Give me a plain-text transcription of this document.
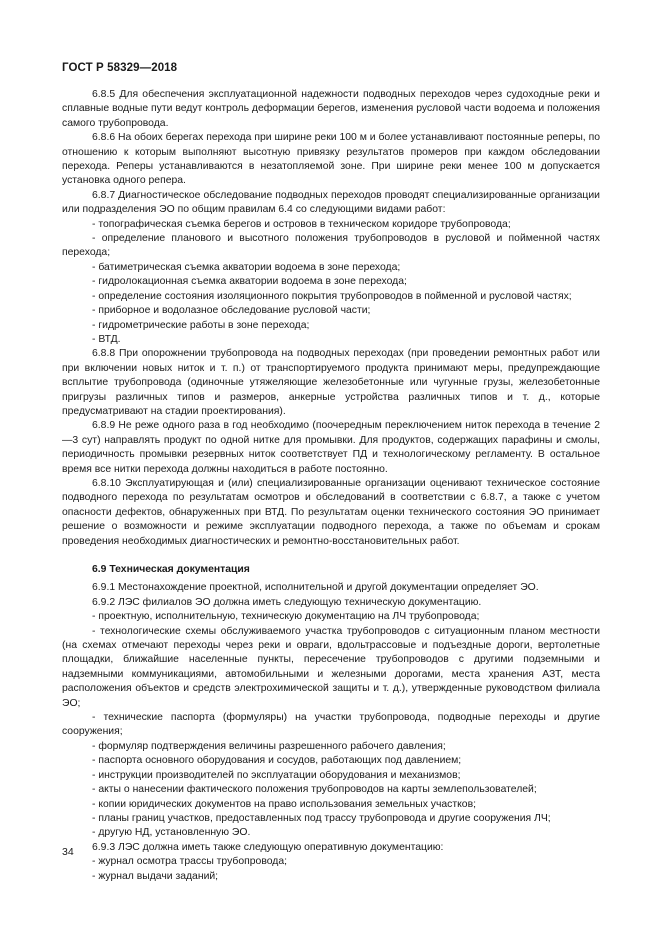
ГОСТ Р 58329—2018

6.8.5 Для обеспечения эксплуатационной надежности подводных переходов через судоходные реки и сплавные водные пути ведут контроль деформации берегов, изменения русловой части водоема и положения самого трубопровода.

6.8.6 На обоих берегах перехода при ширине реки 100 м и более устанавливают постоянные реперы, по отношению к которым выполняют высотную привязку результатов промеров при каждом обследовании перехода. Реперы устанавливаются в незатопляемой зоне. При ширине реки менее 100 м допускается установка одного репера.

6.8.7 Диагностическое обследование подводных переходов проводят специализированные организации или подразделения ЭО по общим правилам 6.4 со следующими видами работ:

- топографическая съемка берегов и островов в техническом коридоре трубопровода;

- определение планового и высотного положения трубопроводов в русловой и пойменной частях перехода;

- батиметрическая съемка акватории водоема в зоне перехода;

- гидролокационная съемка акватории водоема в зоне перехода;

- определение состояния изоляционного покрытия трубопроводов в пойменной и русловой частях;

- приборное и водолазное обследование русловой части;

- гидрометрические работы в зоне перехода;

- ВТД.

6.8.8 При опорожнении трубопровода на подводных переходах (при проведении ремонтных работ или при включении новых ниток и т. п.) от транспортируемого продукта принимают меры, предупреждающие всплытие трубопровода (одиночные утяжеляющие железобетонные или чугунные грузы, железобетонные пригрузы различных типов и размеров, анкерные устройства различных типов и т. д., которые предусматривают на стадии проектирования).

6.8.9 Не реже одного раза в год необходимо (поочередным переключением ниток перехода в течение 2—3 сут) направлять продукт по одной нитке для промывки. Для продуктов, содержащих парафины и смолы, периодичность промывки резервных ниток соответствует ПД и технологическому регламенту. В остальное время все нитки перехода должны находиться в работе постоянно.

6.8.10 Эксплуатирующая и (или) специализированные организации оценивают техническое состояние подводного перехода по результатам осмотров и обследований в соответствии с 6.8.7, а также с учетом опасности дефектов, обнаруженных при ВТД. По результатам оценки технического состояния ЭО принимает решение о возможности и режиме эксплуатации подводного перехода, а также по объемам и срокам проведения необходимых диагностических и ремонтно-восстановительных работ.

6.9 Техническая документация

6.9.1 Местонахождение проектной, исполнительной и другой документации определяет ЭО.

6.9.2 ЛЭС филиалов ЭО должна иметь следующую техническую документацию.

- проектную, исполнительную, техническую документацию на ЛЧ трубопровода;

- технологические схемы обслуживаемого участка трубопроводов с ситуационным планом местности (на схемах отмечают переходы через реки и овраги, вдольтрассовые и подъездные дороги, вертолетные площадки, ближайшие населенные пункты, пересечение трубопроводов с другими подземными и надземными коммуникациями, автомобильными и железными дорогами, места хранения АЗТ, места расположения объектов и средств электрохимической защиты и т. д.), утвержденные руководством филиала ЭО;

- технические паспорта (формуляры) на участки трубопровода, подводные переходы и другие сооружения;

- формуляр подтверждения величины разрешенного рабочего давления;

- паспорта основного оборудования и сосудов, работающих под давлением;

- инструкции производителей по эксплуатации оборудования и механизмов;

- акты о нанесении фактического положения трубопроводов на карты землепользователей;

- копии юридических документов на право использования земельных участков;

- планы границ участков, предоставленных под трассу трубопровода и другие сооружения ЛЧ;

- другую НД, установленную ЭО.

6.9.3 ЛЭС должна иметь также следующую оперативную документацию:

- журнал осмотра трассы трубопровода;

- журнал выдачи заданий;

34
